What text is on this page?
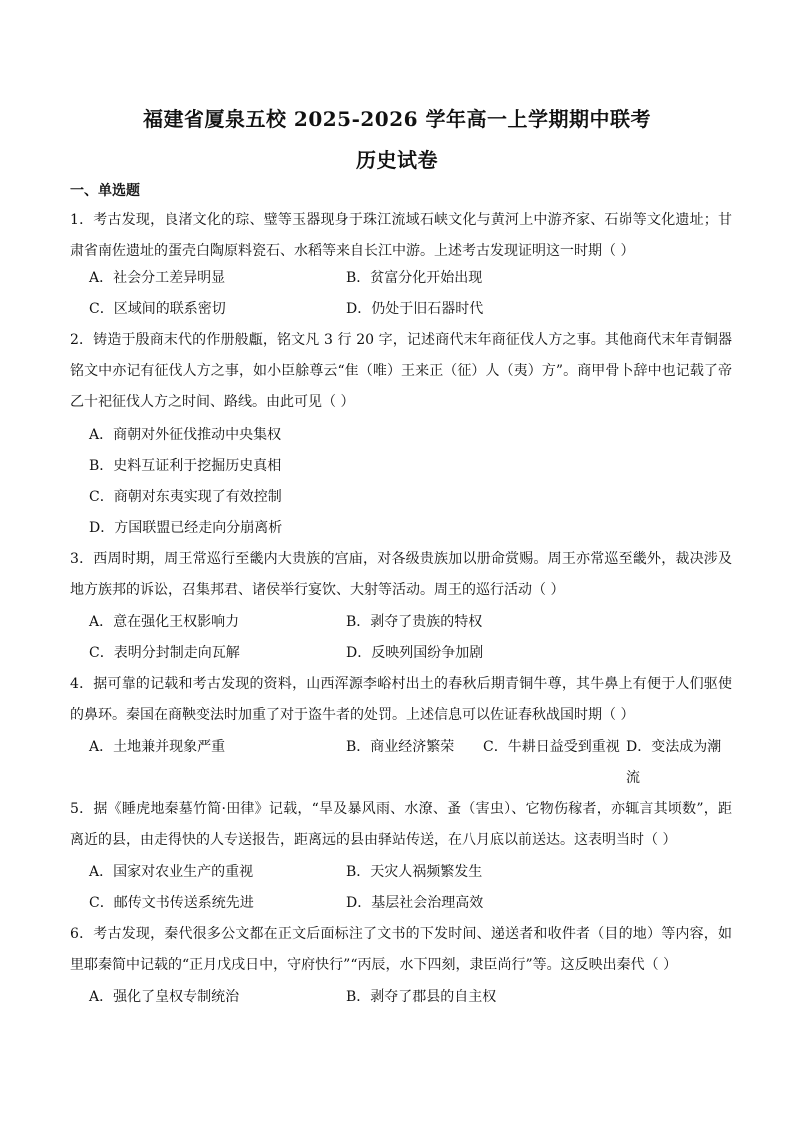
福建省厦泉五校 2025-2026 学年高一上学期期中联考
历史试卷
一、单选题
1．考古发现，良渚文化的琮、璧等玉器现身于珠江流域石峡文化与黄河上中游齐家、石峁等文化遗址；甘肃省南佐遗址的蛋壳白陶原料瓷石、水稻等来自长江中游。上述考古发现证明这一时期（ ）
A．社会分工差异明显	B．贫富分化开始出现
C．区域间的联系密切	D．仍处于旧石器时代
2．铸造于殷商末代的作册般甗，铭文凡 3 行 20 字，记述商代末年商征伐人方之事。其他商代末年青铜器铭文中亦记有征伐人方之事，如小臣艅尊云“隹（唯）王来正（征）人（夷）方”。商甲骨卜辞中也记载了帝乙十祀征伐人方之时间、路线。由此可见（ ）
A．商朝对外征伐推动中央集权
B．史料互证利于挖掘历史真相
C．商朝对东夷实现了有效控制
D．方国联盟已经走向分崩离析
3．西周时期，周王常巡行至畿内大贵族的宫庙，对各级贵族加以册命赏赐。周王亦常巡至畿外，裁决涉及地方族邦的诉讼，召集邦君、诸侯举行宴饮、大射等活动。周王的巡行活动（ ）
A．意在强化王权影响力	B．剥夺了贵族的特权
C．表明分封制走向瓦解	D．反映列国纷争加剧
4．据可靠的记载和考古发现的资料，山西浑源李峪村出土的春秋后期青铜牛尊，其牛鼻上有便于人们驱使的鼻环。秦国在商鞅变法时加重了对于盗牛者的处罚。上述信息可以佐证春秋战国时期（ ）
A．土地兼并现象严重	B．商业经济繁荣 C．牛耕日益受到重视 D．变法成为潮流
5．据《睡虎地秦墓竹简·田律》记载，“旱及暴风雨、水潦、蚤（害虫）、它物伤稼者，亦辄言其顷数”，距离近的县，由走得快的人专送报告，距离远的县由驿站传送，在八月底以前送达。这表明当时（ ）
A．国家对农业生产的重视	B．天灾人祸频繁发生
C．邮传文书传送系统先进	D．基层社会治理高效
6．考古发现，秦代很多公文都在正文后面标注了文书的下发时间、递送者和收件者（目的地）等内容，如里耶秦简中记载的“正月戊戌日中，守府快行”“丙辰，水下四刻，隶臣尚行”等。这反映出秦代（ ）
A．强化了皇权专制统治	B．剥夺了郡县的自主权
